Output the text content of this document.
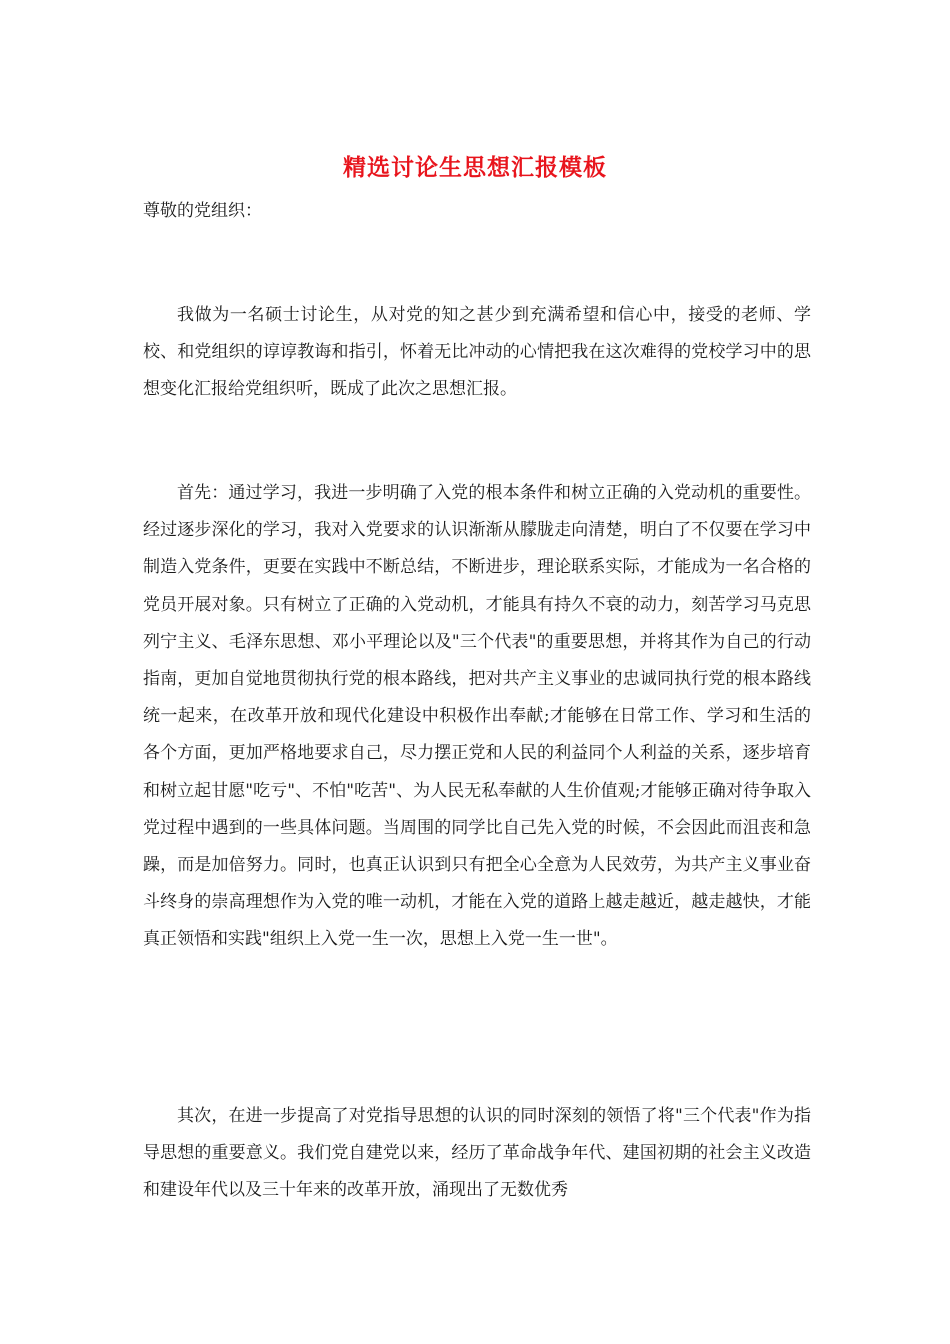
精选讨论生思想汇报模板
尊敬的党组织：

我做为一名硕士讨论生，从对党的知之甚少到充满希望和信心中，接受的老师、学校、和党组织的谆谆教诲和指引，怀着无比冲动的心情把我在这次难得的党校学习中的思想变化汇报给党组织听，既成了此次之思想汇报。

首先：通过学习，我进一步明确了入党的根本条件和树立正确的入党动机的重要性。经过逐步深化的学习，我对入党要求的认识渐渐从朦胧走向清楚，明白了不仅要在学习中制造入党条件，更要在实践中不断总结，不断进步，理论联系实际，才能成为一名合格的党员开展对象。只有树立了正确的入党动机，才能具有持久不衰的动力，刻苦学习马克思列宁主义、毛泽东思想、邓小平理论以及"三个代表"的重要思想，并将其作为自己的行动指南，更加自觉地贯彻执行党的根本路线，把对共产主义事业的忠诚同执行党的根本路线统一起来，在改革开放和现代化建设中积极作出奉献;才能够在日常工作、学习和生活的各个方面，更加严格地要求自己，尽力摆正党和人民的利益同个人利益的关系，逐步培育和树立起甘愿"吃亏"、不怕"吃苦"、为人民无私奉献的人生价值观;才能够正确对待争取入党过程中遇到的一些具体问题。当周围的同学比自己先入党的时候，不会因此而沮丧和急躁，而是加倍努力。同时，也真正认识到只有把全心全意为人民效劳，为共产主义事业奋斗终身的崇高理想作为入党的唯一动机，才能在入党的道路上越走越近，越走越快，才能真正领悟和实践"组织上入党一生一次，思想上入党一生一世"。

其次，在进一步提高了对党指导思想的认识的同时深刻的领悟了将"三个代表"作为指导思想的重要意义。我们党自建党以来，经历了革命战争年代、建国初期的社会主义改造和建设年代以及三十年来的改革开放，涌现出了无数优秀
